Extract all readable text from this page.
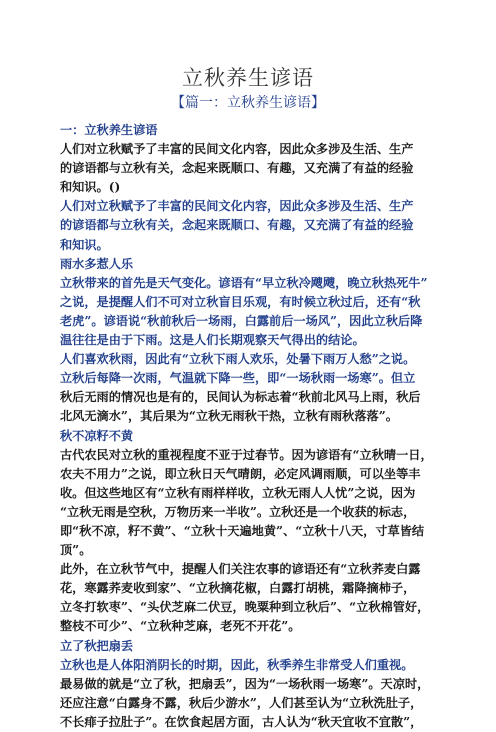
立秋养生谚语
【篇一：立秋养生谚语】

一：立秋养生谚语

人们对立秋赋予了丰富的民间文化内容，因此众多涉及生活、生产

的谚语都与立秋有关，念起来既顺口、有趣，又充满了有益的经验

和知识。()

人们对立秋赋予了丰富的民间文化内容，因此众多涉及生活、生产

的谚语都与立秋有关，念起来既顺口、有趣，又充满了有益的经验

和知识。

雨水多惹人乐

立秋带来的首先是天气变化。谚语有“早立秋冷飕飕，晚立秋热死牛”

之说，是提醒人们不可对立秋盲目乐观，有时候立秋过后，还有“秋

老虎”。谚语说“秋前秋后一场雨，白露前后一场风”，因此立秋后降

温往往是由于下雨。这是人们长期观察天气得出的结论。

人们喜欢秋雨，因此有“立秋下雨人欢乐，处暑下雨万人愁”之说。

立秋后每降一次雨，气温就下降一些，即“一场秋雨一场寒”。但立

秋后无雨的情况也是有的，民间认为标志着“秋前北风马上雨，秋后

北风无滴水”，其后果为“立秋无雨秋干热，立秋有雨秋落落”。

秋不凉籽不黄

古代农民对立秋的重视程度不亚于过春节。因为谚语有“立秋晴一日，

农夫不用力”之说，即立秋日天气晴朗，必定风调雨顺，可以坐等丰

收。但这些地区有“立秋有雨样样收，立秋无雨人人忧”之说，因为

“立秋无雨是空秋，万物历来一半收”。立秋还是一个收获的标志，

即“秋不凉，籽不黄”、“立秋十天遍地黄”、“立秋十八天，寸草皆结

顶”。

此外，在立秋节气中，提醒人们关注农事的谚语还有“立秋荞麦白露

花，寒露荞麦收到家”、“立秋摘花椒，白露打胡桃，霜降摘柿子，

立冬打软枣”、“头伏芝麻二伏豆，晚粟种到立秋后”、“立秋棉管好，

整枝不可少”、“立秋种芝麻，老死不开花”。

立了秋把扇丢

立秋也是人体阳消阴长的时期，因此，秋季养生非常受人们重视。

最易做的就是“立了秋，把扇丢”，因为“一场秋雨一场寒”。天凉时，

还应注意“白露身不露，秋后少游水”，人们甚至认为“立秋洗肚子，

不长痱子拉肚子”。在饮食起居方面，古人认为“秋天宜收不宜散”，
